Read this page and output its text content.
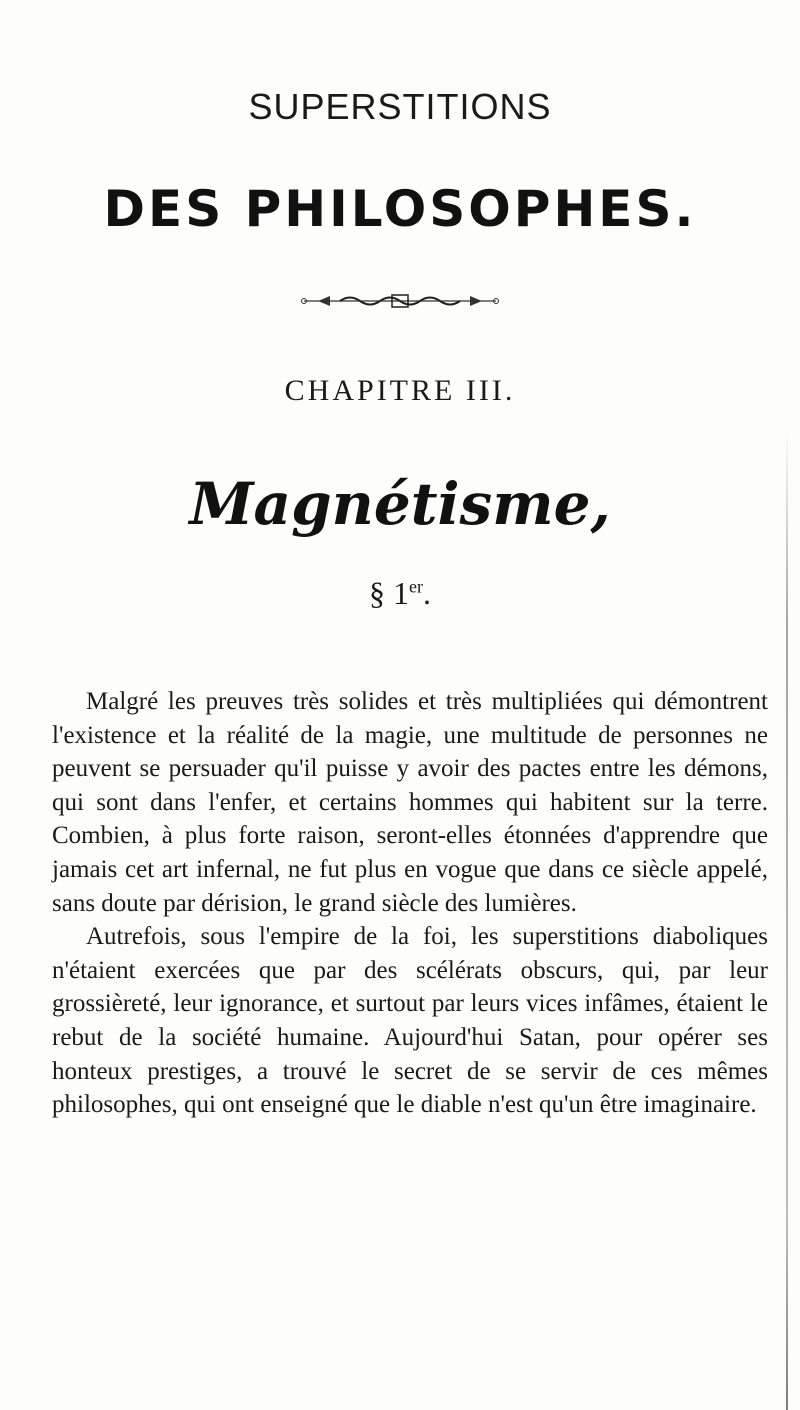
SUPERSTITIONS
DES PHILOSOPHES.
CHAPITRE III.
Magnétisme,
§ 1er.

Malgré les preuves très solides et très multipliées qui démontrent l'existence et la réalité de la magie, une multitude de personnes ne peuvent se persuader qu'il puisse y avoir des pactes entre les démons, qui sont dans l'enfer, et certains hommes qui habitent sur la terre. Combien, à plus forte raison, seront-elles étonnées d'apprendre que jamais cet art infernal, ne fut plus en vogue que dans ce siècle appelé, sans doute par dérision, le grand siècle des lumières.

Autrefois, sous l'empire de la foi, les superstitions diaboliques n'étaient exercées que par des scélérats obscurs, qui, par leur grossièreté, leur ignorance, et surtout par leurs vices infâmes, étaient le rebut de la société humaine. Aujourd'hui Satan, pour opérer ses honteux prestiges, a trouvé le secret de se servir de ces mêmes philosophes, qui ont enseigné que le diable n'est qu'un être imaginaire.
